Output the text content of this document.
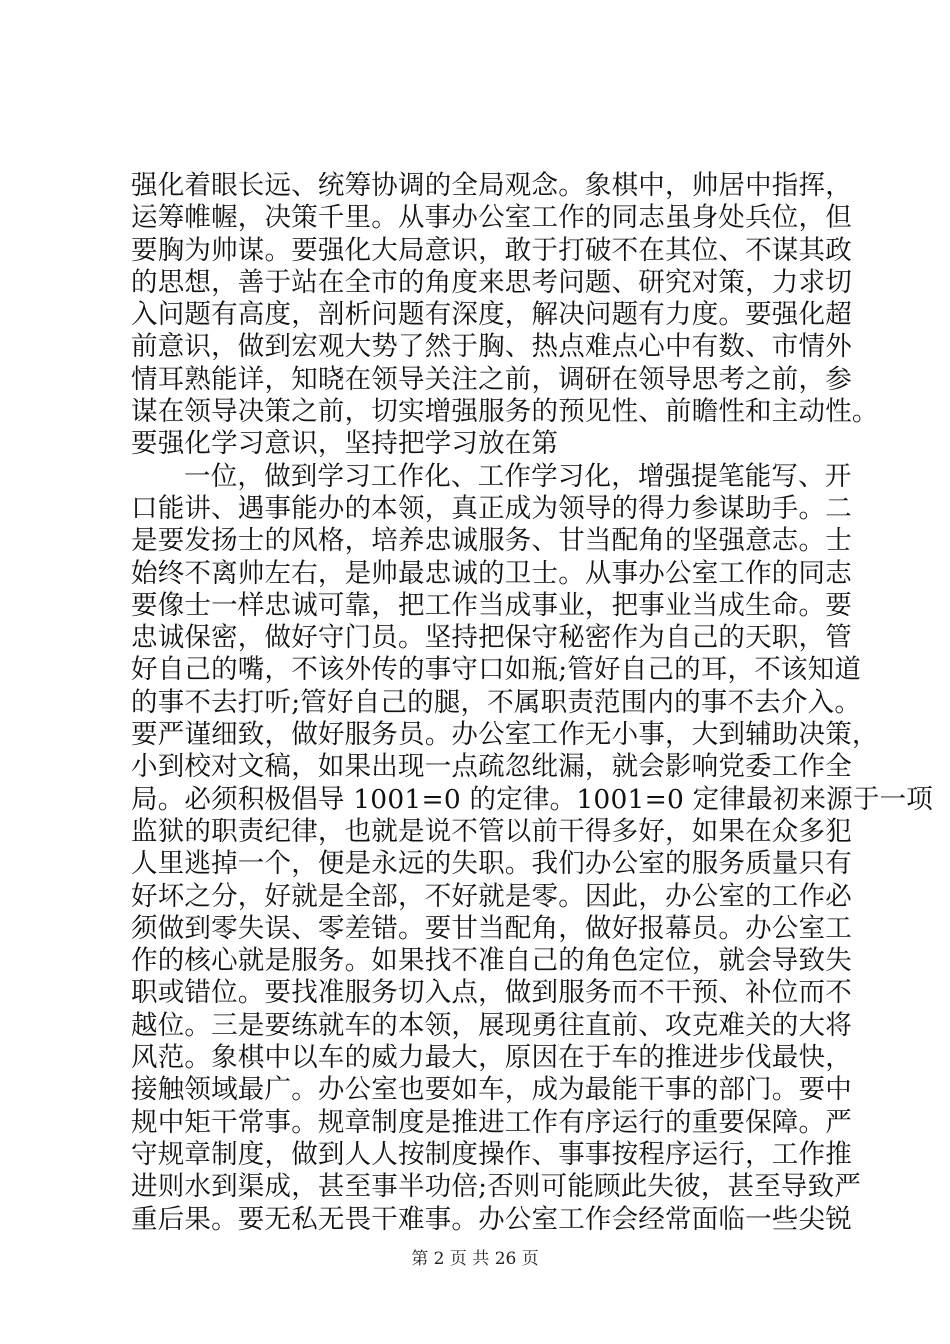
强化着眼长远、统筹协调的全局观念。象棋中，帅居中指挥，
运筹帷幄，决策千里。从事办公室工作的同志虽身处兵位，但
要胸为帅谋。要强化大局意识，敢于打破不在其位、不谋其政
的思想，善于站在全市的角度来思考问题、研究对策，力求切
入问题有高度，剖析问题有深度，解决问题有力度。要强化超
前意识，做到宏观大势了然于胸、热点难点心中有数、市情外
情耳熟能详，知晓在领导关注之前，调研在领导思考之前，参
谋在领导决策之前，切实增强服务的预见性、前瞻性和主动性。
要强化学习意识，坚持把学习放在第
一位，做到学习工作化、工作学习化，增强提笔能写、开
口能讲、遇事能办的本领，真正成为领导的得力参谋助手。二
是要发扬士的风格，培养忠诚服务、甘当配角的坚强意志。士
始终不离帅左右，是帅最忠诚的卫士。从事办公室工作的同志
要像士一样忠诚可靠，把工作当成事业，把事业当成生命。要
忠诚保密，做好守门员。坚持把保守秘密作为自己的天职，管
好自己的嘴，不该外传的事守口如瓶;管好自己的耳，不该知道
的事不去打听;管好自己的腿，不属职责范围内的事不去介入。
要严谨细致，做好服务员。办公室工作无小事，大到辅助决策，
小到校对文稿，如果出现一点疏忽纰漏，就会影响党委工作全
局。必须积极倡导 1001=0 的定律。1001=0 定律最初来源于一项
监狱的职责纪律，也就是说不管以前干得多好，如果在众多犯
人里逃掉一个，便是永远的失职。我们办公室的服务质量只有
好坏之分，好就是全部，不好就是零。因此，办公室的工作必
须做到零失误、零差错。要甘当配角，做好报幕员。办公室工
作的核心就是服务。如果找不准自己的角色定位，就会导致失
职或错位。要找准服务切入点，做到服务而不干预、补位而不
越位。三是要练就车的本领，展现勇往直前、攻克难关的大将
风范。象棋中以车的威力最大，原因在于车的推进步伐最快，
接触领域最广。办公室也要如车，成为最能干事的部门。要中
规中矩干常事。规章制度是推进工作有序运行的重要保障。严
守规章制度，做到人人按制度操作、事事按程序运行，工作推
进则水到渠成，甚至事半功倍;否则可能顾此失彼，甚至导致严
重后果。要无私无畏干难事。办公室工作会经常面临一些尖锐
第 2 页 共 26 页
